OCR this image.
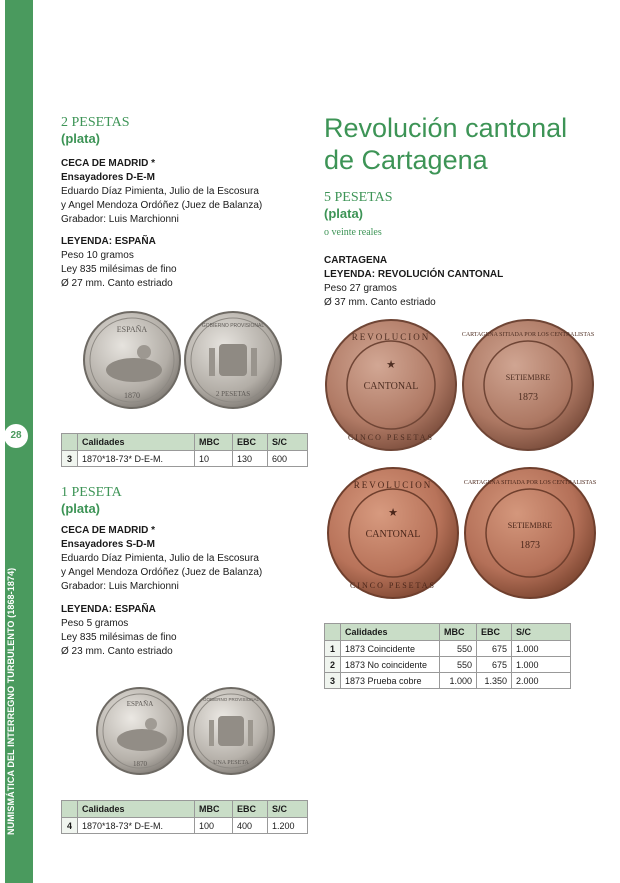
NUMISMÁTICA DEL INTERREGNO TURBULENTO (1868-1874)
28
2 PESETAS
(plata)
CECA DE MADRID *
Ensayadores D-E-M
Eduardo Díaz Pimienta, Julio de la Escosura
y Angel Mendoza Ordóñez (Juez de Balanza)
Grabador: Luis Marchionni
LEYENDA: ESPAÑA
Peso 10 gramos
Ley 835 milésimas de fino
Ø 27 mm. Canto estriado
ESPAÑA
1870
GOBIERNO PROVISIONAL
2 PESETAS
	Calidades	MBC	EBC	S/C
3	1870*18-73* D-E-M.	10	130	600
1 PESETA
(plata)
CECA DE MADRID *
Ensayadores S-D-M
Eduardo Díaz Pimienta, Julio de la Escosura
y Angel Mendoza Ordóñez (Juez de Balanza)
Grabador: Luis Marchionni
LEYENDA: ESPAÑA
Peso 5 gramos
Ley 835 milésimas de fino
Ø 23 mm. Canto estriado
ESPAÑA
1870
GOBIERNO PROVISIONAL
UNA PESETA
	Calidades	MBC	EBC	S/C
4	1870*18-73* D-E-M.	100	400	1.200
Revolución cantonal
de Cartagena
5 PESETAS
(plata)
o veinte reales
CARTAGENA
LEYENDA: REVOLUCIÓN CANTONAL
Peso 27 gramos
Ø 37 mm. Canto estriado
REVOLUCION
★
CANTONAL
CINCO PESETAS
CARTAGENA SITIADA POR LOS CENTRALISTAS
SETIEMBRE
1873
REVOLUCION
★
CANTONAL
CINCO PESETAS
CARTAGENA SITIADA POR LOS CENTRALISTAS
SETIEMBRE
1873
	Calidades	MBC	EBC	S/C
1	1873 Coincidente	550	675	1.000
2	1873 No coincidente	550	675	1.000
3	1873 Prueba cobre	1.000	1.350	2.000
